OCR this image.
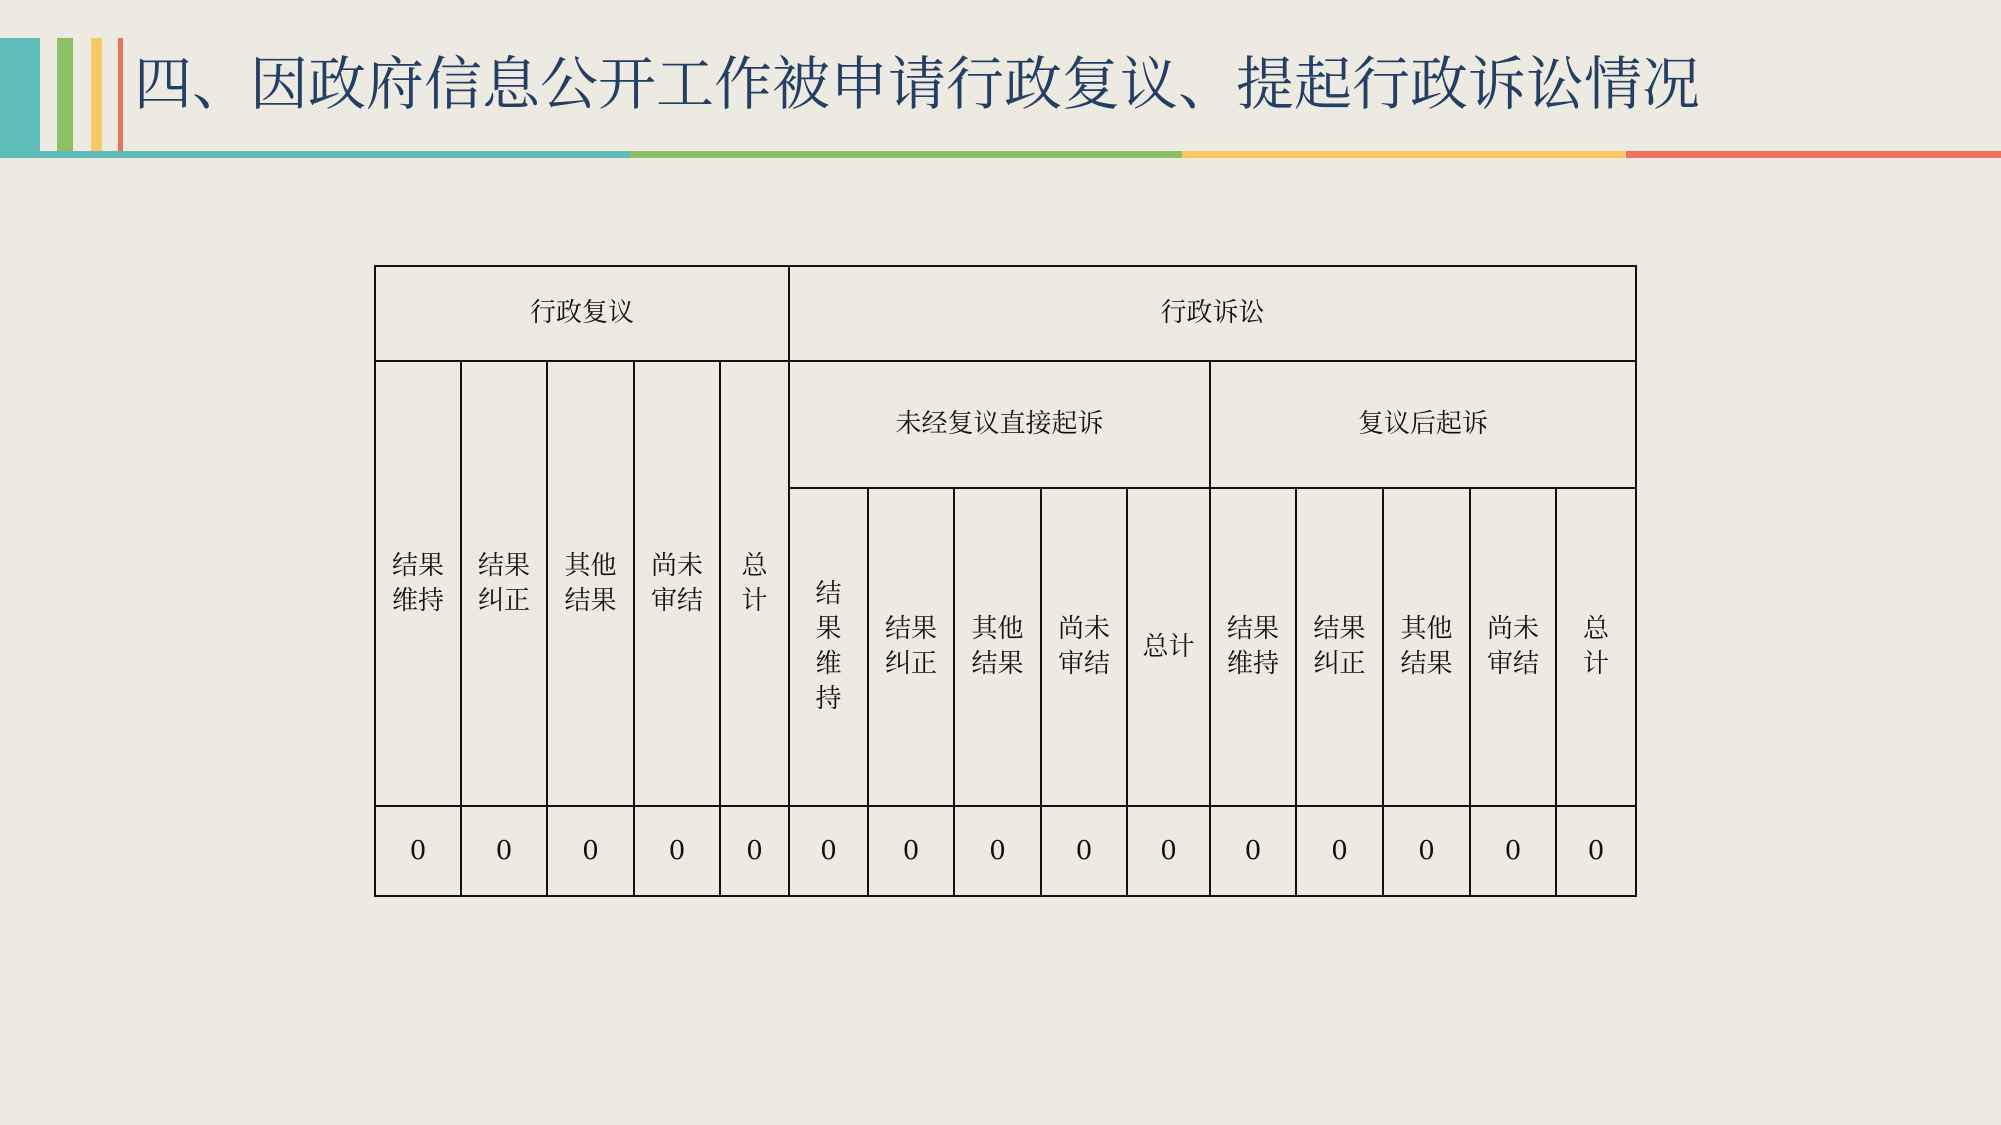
四、因政府信息公开工作被申请行政复议、提起行政诉讼情况
行政复议					行政诉讼									
结果维持	结果纠正	其他结果	尚未审结	总计	未经复议直接起诉					复议后起诉				
					结果维持	结果纠正	其他结果	尚未审结	总计	结果维持	结果纠正	其他结果	尚未审结	总计
0	0	0	0	0	0	0	0	0	0	0	0	0	0	0
